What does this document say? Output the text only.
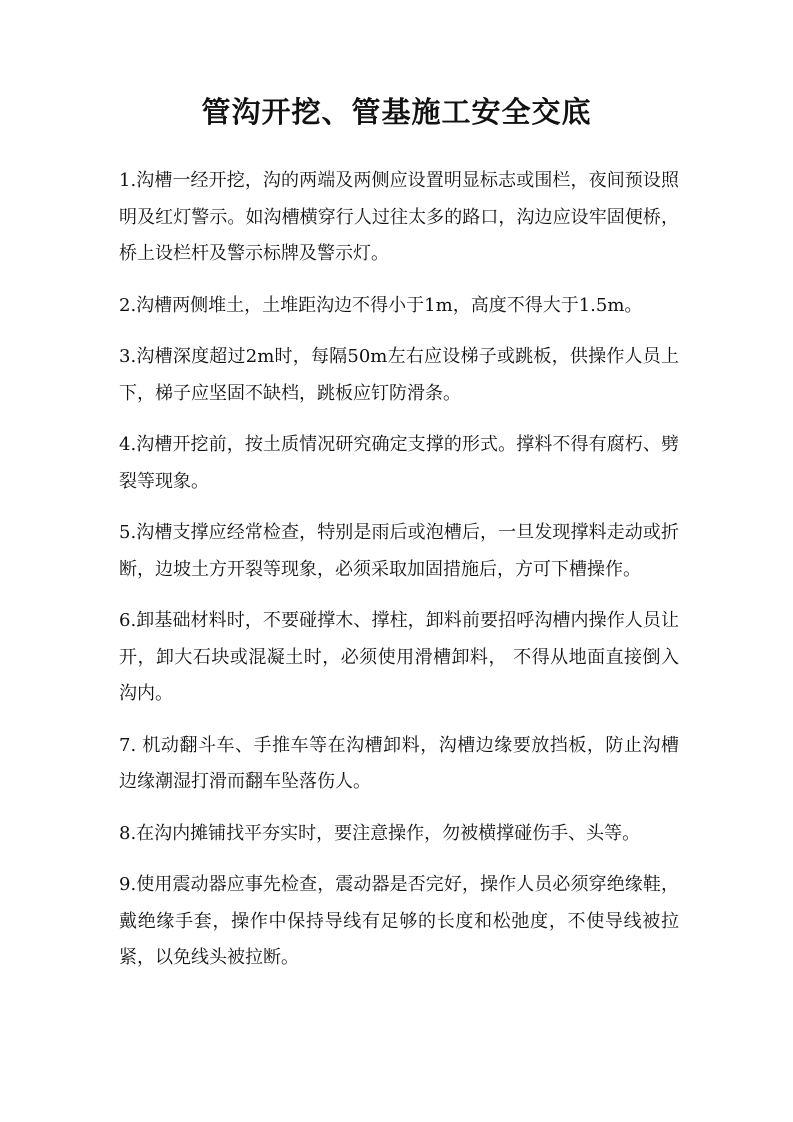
管沟开挖、管基施工安全交底

1.沟槽一经开挖，沟的两端及两侧应设置明显标志或围栏，夜间预设照明及红灯警示。如沟槽横穿行人过往太多的路口，沟边应设牢固便桥，桥上设栏杆及警示标牌及警示灯。

2.沟槽两侧堆土，土堆距沟边不得小于1m，高度不得大于1.5m。

3.沟槽深度超过2m时，每隔50m左右应设梯子或跳板，供操作人员上下，梯子应坚固不缺档，跳板应钉防滑条。

4.沟槽开挖前，按土质情况研究确定支撑的形式。撑料不得有腐朽、劈裂等现象。

5.沟槽支撑应经常检查，特别是雨后或泡槽后，一旦发现撑料走动或折断，边坡土方开裂等现象，必须采取加固措施后，方可下槽操作。

6.卸基础材料时，不要碰撑木、撑柱，卸料前要招呼沟槽内操作人员让开，卸大石块或混凝土时，必须使用滑槽卸料， 不得从地面直接倒入沟内。

7. 机动翻斗车、手推车等在沟槽卸料，沟槽边缘要放挡板，防止沟槽边缘潮湿打滑而翻车坠落伤人。

8.在沟内摊铺找平夯实时，要注意操作，勿被横撑碰伤手、头等。

9.使用震动器应事先检查，震动器是否完好，操作人员必须穿绝缘鞋，戴绝缘手套，操作中保持导线有足够的长度和松弛度，不使导线被拉紧，以免线头被拉断。
